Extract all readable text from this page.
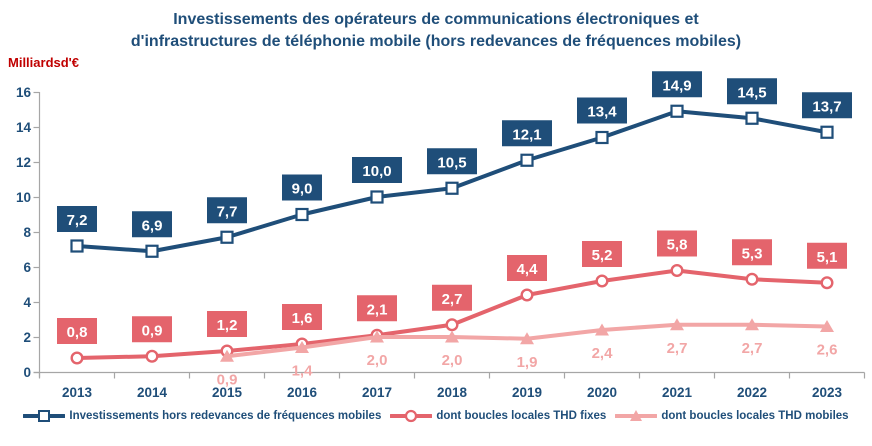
Investissements des opérateurs de communications électroniques et
d'infrastructures de téléphonie mobile (hors redevances de fréquences mobiles)
Milliardsd'€
0
2
4
6
8
10
12
14
16
2013	2014	2015	2016	2017	2018	2019	2020	2021	2022	2023
7,2	6,9
7,7
9,0
10,0
10,5
12,1
13,4
14,9	14,5
13,7
0,8	0,9	1,2	1,6
2,1
2,7
4,4
5,2
5,8
5,3	5,1
0,9
1,4
2,0	2,0	1,9
2,4	2,7	2,7	2,6
Investissements hors redevances de fréquences mobiles	dont boucles locales THD fixes	dont boucles locales THD mobiles
